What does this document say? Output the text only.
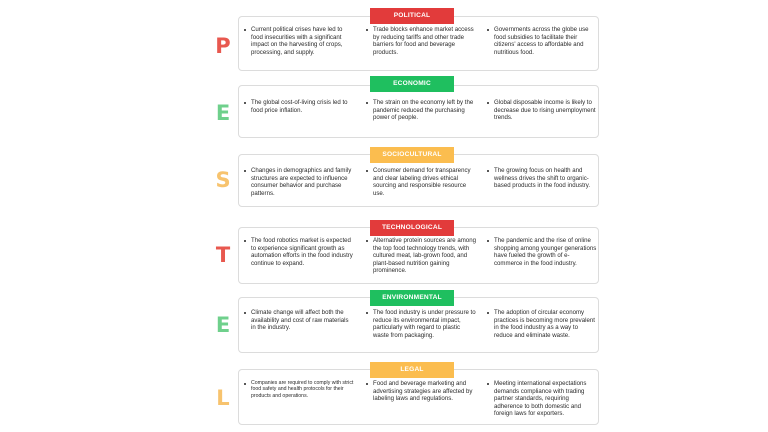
P
POLITICAL
Current political crises have led to food insecurities with a significant impact on the harvesting of crops, processing, and supply.
Trade blocks enhance market access by reducing tariffs and other trade barriers for food and beverage products.
Governments across the globe use food subsidies to facilitate their citizens' access to affordable and nutritious food.
E
ECONOMIC
The global cost-of-living crisis led to food price inflation.
The strain on the economy left by the pandemic reduced the purchasing power of people.
Global disposable income is likely to decrease due to rising unemployment trends.
S
SOCIOCULTURAL
Changes in demographics and family structures are expected to influence consumer behavior and purchase patterns.
Consumer demand for transparency and clear labeling drives ethical sourcing and responsible resource use.
The growing focus on health and wellness drives the shift to organic-based products in the food industry.
T
TECHNOLOGICAL
The food robotics market is expected to experience significant growth as automation efforts in the food industry continue to expand.
Alternative protein sources are among the top food technology trends, with cultured meat, lab-grown food, and plant-based nutrition gaining prominence.
The pandemic and the rise of online shopping among younger generations have fueled the growth of e-commerce in the food industry.
E
ENVIRONMENTAL
Climate change will affect both the availability and cost of raw materials in the industry.
The food industry is under pressure to reduce its environmental impact, particularly with regard to plastic waste from packaging.
The adoption of circular economy practices is becoming more prevalent in the food industry as a way to reduce and eliminate waste.
L
LEGAL
Companies are required to comply with strict food safety and health protocols for their products and operations.
Food and beverage marketing and advertising strategies are affected by labeling laws and regulations.
Meeting international expectations demands compliance with trading partner standards, requiring adherence to both domestic and foreign laws for exporters.
